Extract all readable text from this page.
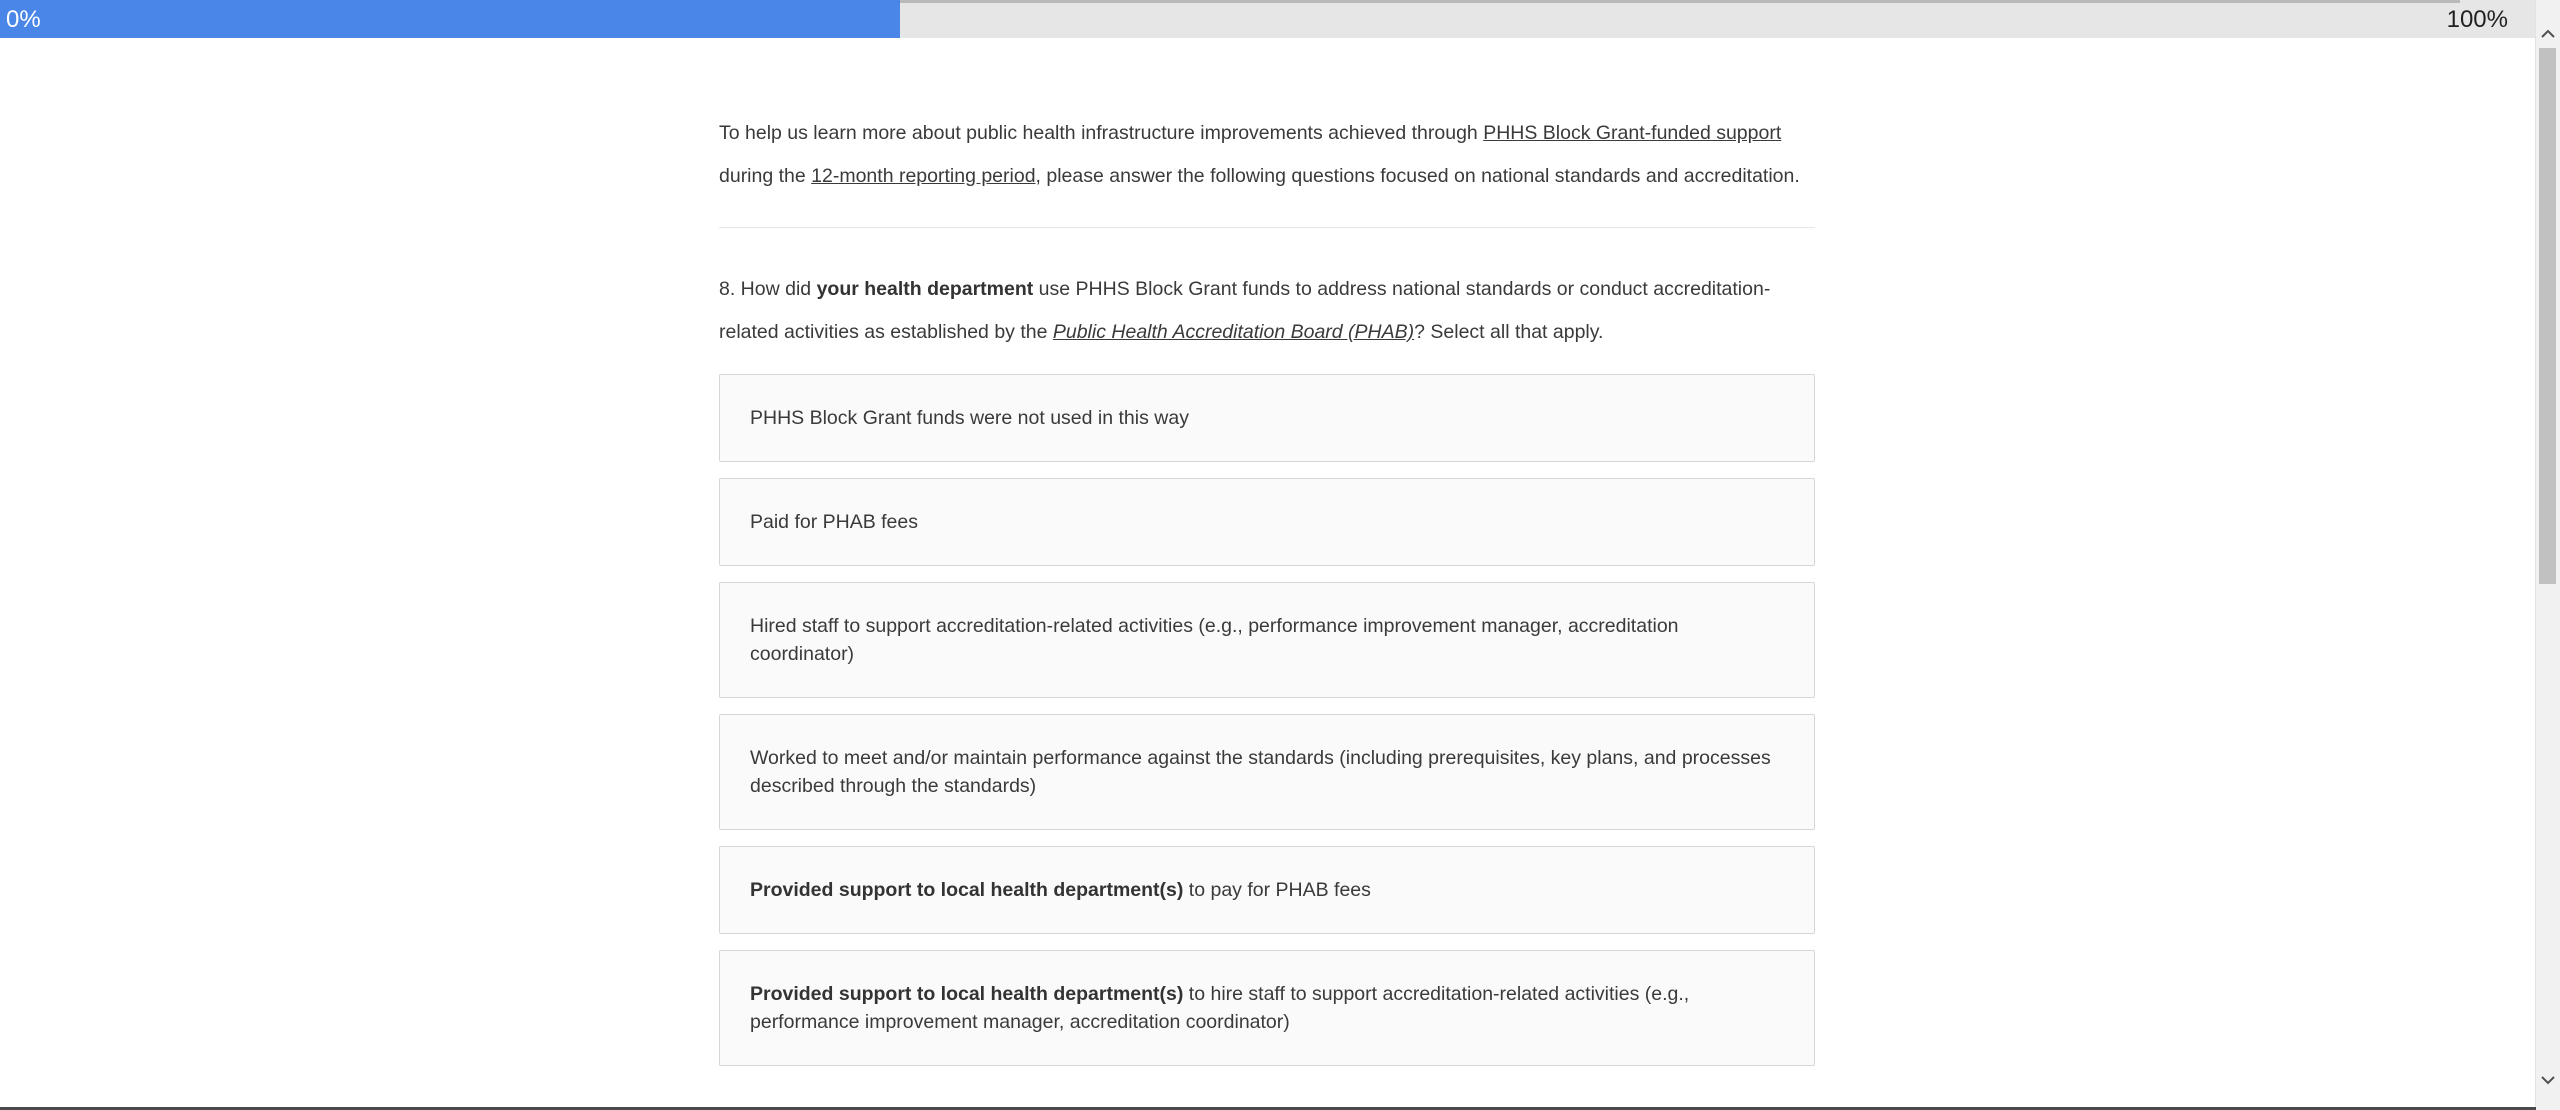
0%	100%

To help us learn more about public health infrastructure improvements achieved through PHHS Block Grant-funded support during the 12-month reporting period, please answer the following questions focused on national standards and accreditation.

8. How did your health department use PHHS Block Grant funds to address national standards or conduct accreditation-related activities as established by the Public Health Accreditation Board (PHAB)? Select all that apply.

PHHS Block Grant funds were not used in this way
Paid for PHAB fees
Hired staff to support accreditation-related activities (e.g., performance improvement manager, accreditation coordinator)
Worked to meet and/or maintain performance against the standards (including prerequisites, key plans, and processes described through the standards)
Provided support to local health department(s) to pay for PHAB fees
Provided support to local health department(s) to hire staff to support accreditation-related activities (e.g., performance improvement manager, accreditation coordinator)
